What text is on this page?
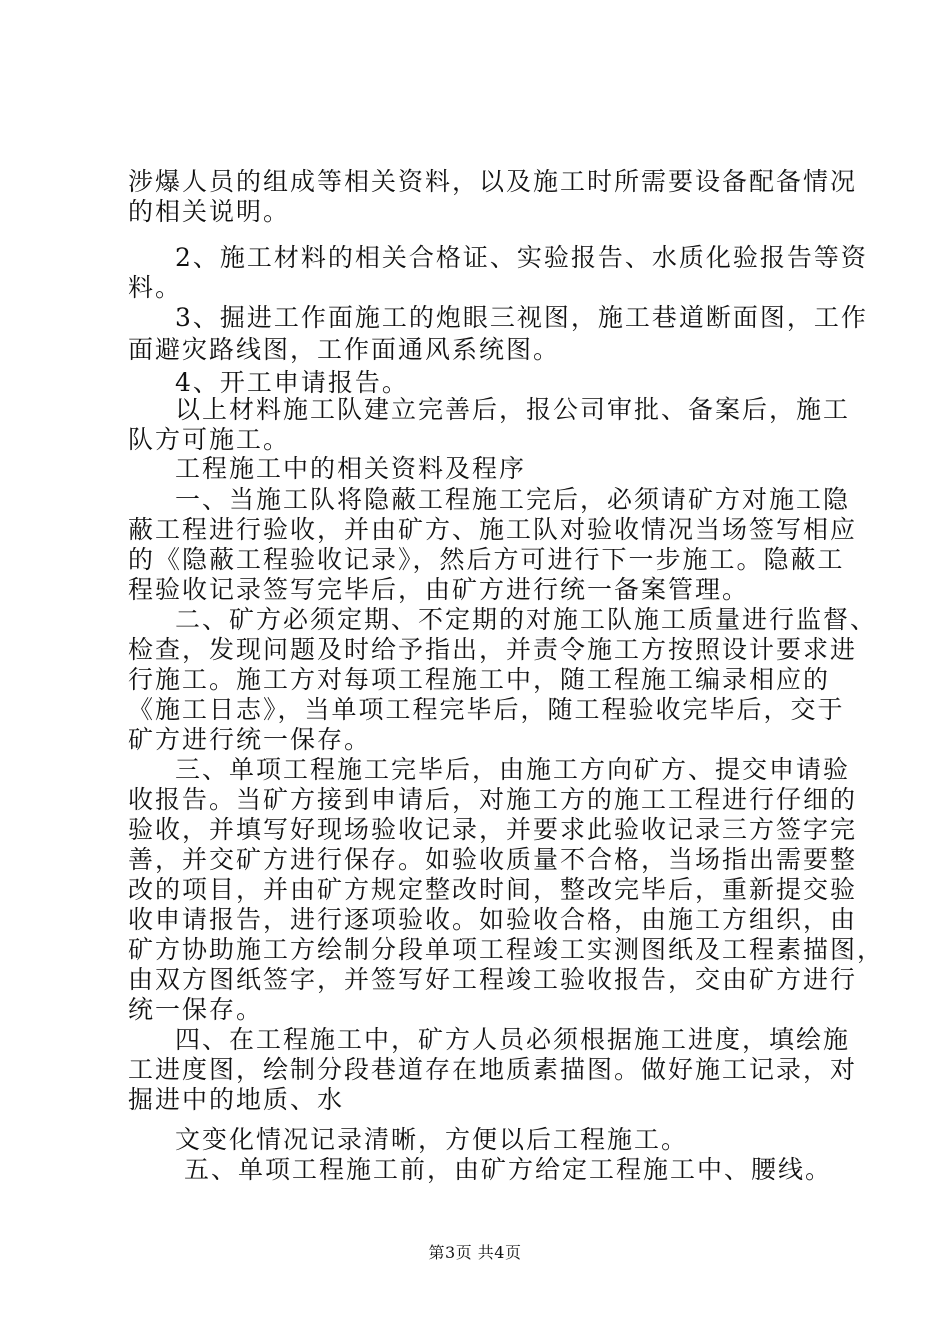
涉爆人员的组成等相关资料，以及施工时所需要设备配备情况
的相关说明。
2、施工材料的相关合格证、实验报告、水质化验报告等资
料。
3、掘进工作面施工的炮眼三视图，施工巷道断面图，工作
面避灾路线图，工作面通风系统图。
4、开工申请报告。
以上材料施工队建立完善后，报公司审批、备案后，施工
队方可施工。
工程施工中的相关资料及程序
一、当施工队将隐蔽工程施工完后，必须请矿方对施工隐
蔽工程进行验收，并由矿方、施工队对验收情况当场签写相应
的《隐蔽工程验收记录》，然后方可进行下一步施工。隐蔽工
程验收记录签写完毕后，由矿方进行统一备案管理。
二、矿方必须定期、不定期的对施工队施工质量进行监督、
检查，发现问题及时给予指出，并责令施工方按照设计要求进
行施工。施工方对每项工程施工中，随工程施工编录相应的
《施工日志》，当单项工程完毕后，随工程验收完毕后，交于
矿方进行统一保存。
三、单项工程施工完毕后，由施工方向矿方、提交申请验
收报告。当矿方接到申请后，对施工方的施工工程进行仔细的
验收，并填写好现场验收记录，并要求此验收记录三方签字完
善，并交矿方进行保存。如验收质量不合格，当场指出需要整
改的项目，并由矿方规定整改时间，整改完毕后，重新提交验
收申请报告，进行逐项验收。如验收合格，由施工方组织，由
矿方协助施工方绘制分段单项工程竣工实测图纸及工程素描图，
由双方图纸签字，并签写好工程竣工验收报告，交由矿方进行
统一保存。
四、在工程施工中，矿方人员必须根据施工进度，填绘施
工进度图，绘制分段巷道存在地质素描图。做好施工记录，对
掘进中的地质、水
文变化情况记录清晰，方便以后工程施工。
五、单项工程施工前，由矿方给定工程施工中、腰线。
第3页 共4页
